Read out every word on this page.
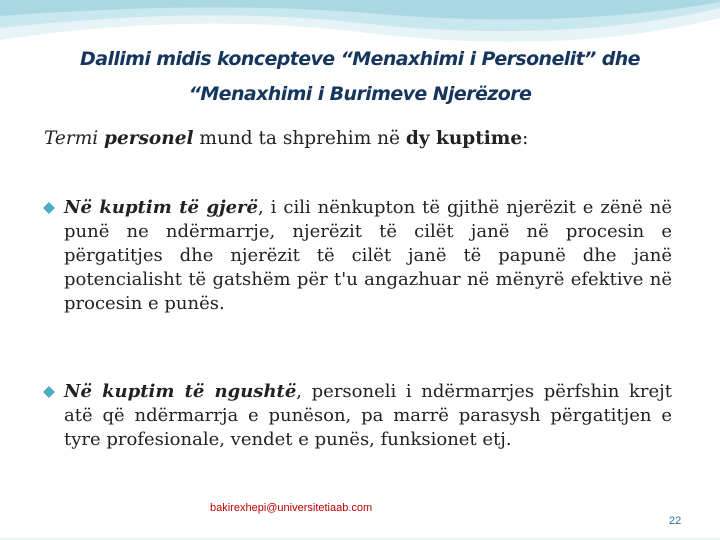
Dallimi midis koncepteve “Menaxhimi i Personelit” dhe “Menaxhimi i Burimeve Njerëzore
Termi personel mund ta shprehim në dy kuptime:
Në kuptim të gjerë, i cili nënkupton të gjithë njerëzit e zënë në punë ne ndërmarrje, njerëzit të cilët janë në procesin e përgatitjes dhe njerëzit të cilët janë të papunë dhe janë potencialisht të gatshëm për t'u angazhuar në mënyrë efektive në procesin e punës.
Në kuptim të ngushtë, personeli i ndërmarrjes përfshin krejt atë që ndërmarrja e punëson, pa marrë parasysh përgatitjen e tyre profesionale, vendet e punës, funksionet etj.
bakirexhepi@universitetiaab.com
22
